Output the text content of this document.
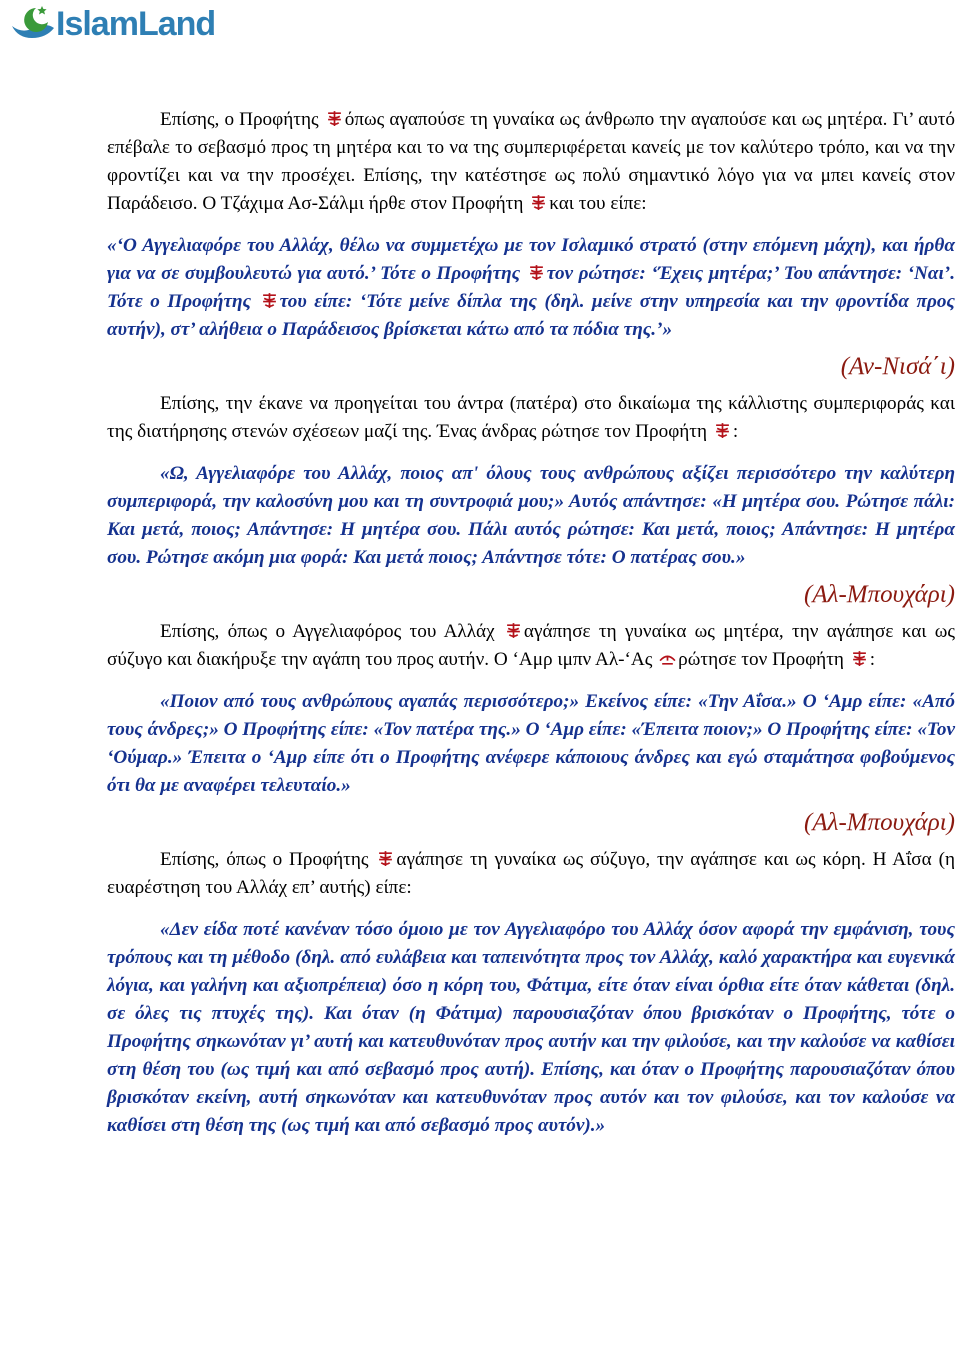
IslamLand

Επίσης, ο Προφήτης όπως αγαπούσε τη γυναίκα ως άνθρωπο την αγαπούσε και ως μητέρα. Γι’ αυτό επέβαλε το σεβασμό προς τη μητέρα και το να της συμπεριφέρεται κανείς με τον καλύτερο τρόπο, και να την φροντίζει και να την προσέχει. Επίσης, την κατέστησε ως πολύ σημαντικό λόγο για να μπει κανείς στον Παράδεισο. Ο Τζάχιμα Ασ-Σάλμι ήρθε στον Προφήτη και του είπε:

«‘Ο Αγγελιαφόρε του Αλλάχ, θέλω να συμμετέχω με τον Ισλαμικό στρατό (στην επόμενη μάχη), και ήρθα για να σε συμβουλευτώ για αυτό.’ Τότε ο Προφήτης τον ρώτησε: ‘Έχεις μητέρα;’ Του απάντησε: ‘Ναι’. Τότε ο Προφήτης του είπε: ‘Τότε μείνε δίπλα της (δηλ. μείνε στην υπηρεσία και την φροντίδα προς αυτήν), στ’ αλήθεια ο Παράδεισος βρίσκεται κάτω από τα πόδια της.’»

(Αν-Νισά΄ι)

Επίσης, την έκανε να προηγείται του άντρα (πατέρα) στο δικαίωμα της κάλλιστης συμπεριφοράς και της διατήρησης στενών σχέσεων μαζί της. Ένας άνδρας ρώτησε τον Προφήτη :

«Ω, Αγγελιαφόρε του Αλλάχ, ποιος απ' όλους τους ανθρώπους αξίζει περισσότερο την καλύτερη συμπεριφορά, την καλοσύνη μου και τη συντροφιά μου;» Αυτός απάντησε: «Η μητέρα σου. Ρώτησε πάλι: Και μετά, ποιος; Απάντησε: Η μητέρα σου. Πάλι αυτός ρώτησε: Και μετά, ποιος; Απάντησε: Η μητέρα σου. Ρώτησε ακόμη μια φορά: Και μετά ποιος; Απάντησε τότε: Ο πατέρας σου.»

(Αλ-Μπουχάρι)

Επίσης, όπως ο Αγγελιαφόρος του Αλλάχ αγάπησε τη γυναίκα ως μητέρα, την αγάπησε και ως σύζυγο και διακήρυξε την αγάπη του προς αυτήν. Ο ‘Αμρ ιμπν Αλ-‘Ας ρώτησε τον Προφήτη :

«Ποιον από τους ανθρώπους αγαπάς περισσότερο;» Εκείνος είπε: «Την Αΐσα.» Ο ‘Αμρ είπε: «Από τους άνδρες;» Ο Προφήτης είπε: «Τον πατέρα της.» Ο ‘Αμρ είπε: «Έπειτα ποιον;» Ο Προφήτης είπε: «Τον ‘Ούμαρ.» Έπειτα ο ‘Αμρ είπε ότι ο Προφήτης ανέφερε κάποιους άνδρες και εγώ σταμάτησα φοβούμενος ότι θα με αναφέρει τελευταίο.»

(Αλ-Μπουχάρι)

Επίσης, όπως ο Προφήτης αγάπησε τη γυναίκα ως σύζυγο, την αγάπησε και ως κόρη. Η Αΐσα (η ευαρέστηση του Αλλάχ επ’ αυτής) είπε:

«Δεν είδα ποτέ κανέναν τόσο όμοιο με τον Αγγελιαφόρο του Αλλάχ όσον αφορά την εμφάνιση, τους τρόπους και τη μέθοδο (δηλ. από ευλάβεια και ταπεινότητα προς τον Αλλάχ, καλό χαρακτήρα και ευγενικά λόγια, και γαλήνη και αξιοπρέπεια) όσο η κόρη του, Φάτιμα, είτε όταν είναι όρθια είτε όταν κάθεται (δηλ. σε όλες τις πτυχές της). Και όταν (η Φάτιμα) παρουσιαζόταν όπου βρισκόταν ο Προφήτης, τότε ο Προφήτης σηκωνόταν γι’ αυτή και κατευθυνόταν προς αυτήν και την φιλούσε, και την καλούσε να καθίσει στη θέση του (ως τιμή και από σεβασμό προς αυτή). Επίσης, και όταν ο Προφήτης παρουσιαζόταν όπου βρισκόταν εκείνη, αυτή σηκωνόταν και κατευθυνόταν προς αυτόν και τον φιλούσε, και τον καλούσε να καθίσει στη θέση της (ως τιμή και από σεβασμό προς αυτόν).»
